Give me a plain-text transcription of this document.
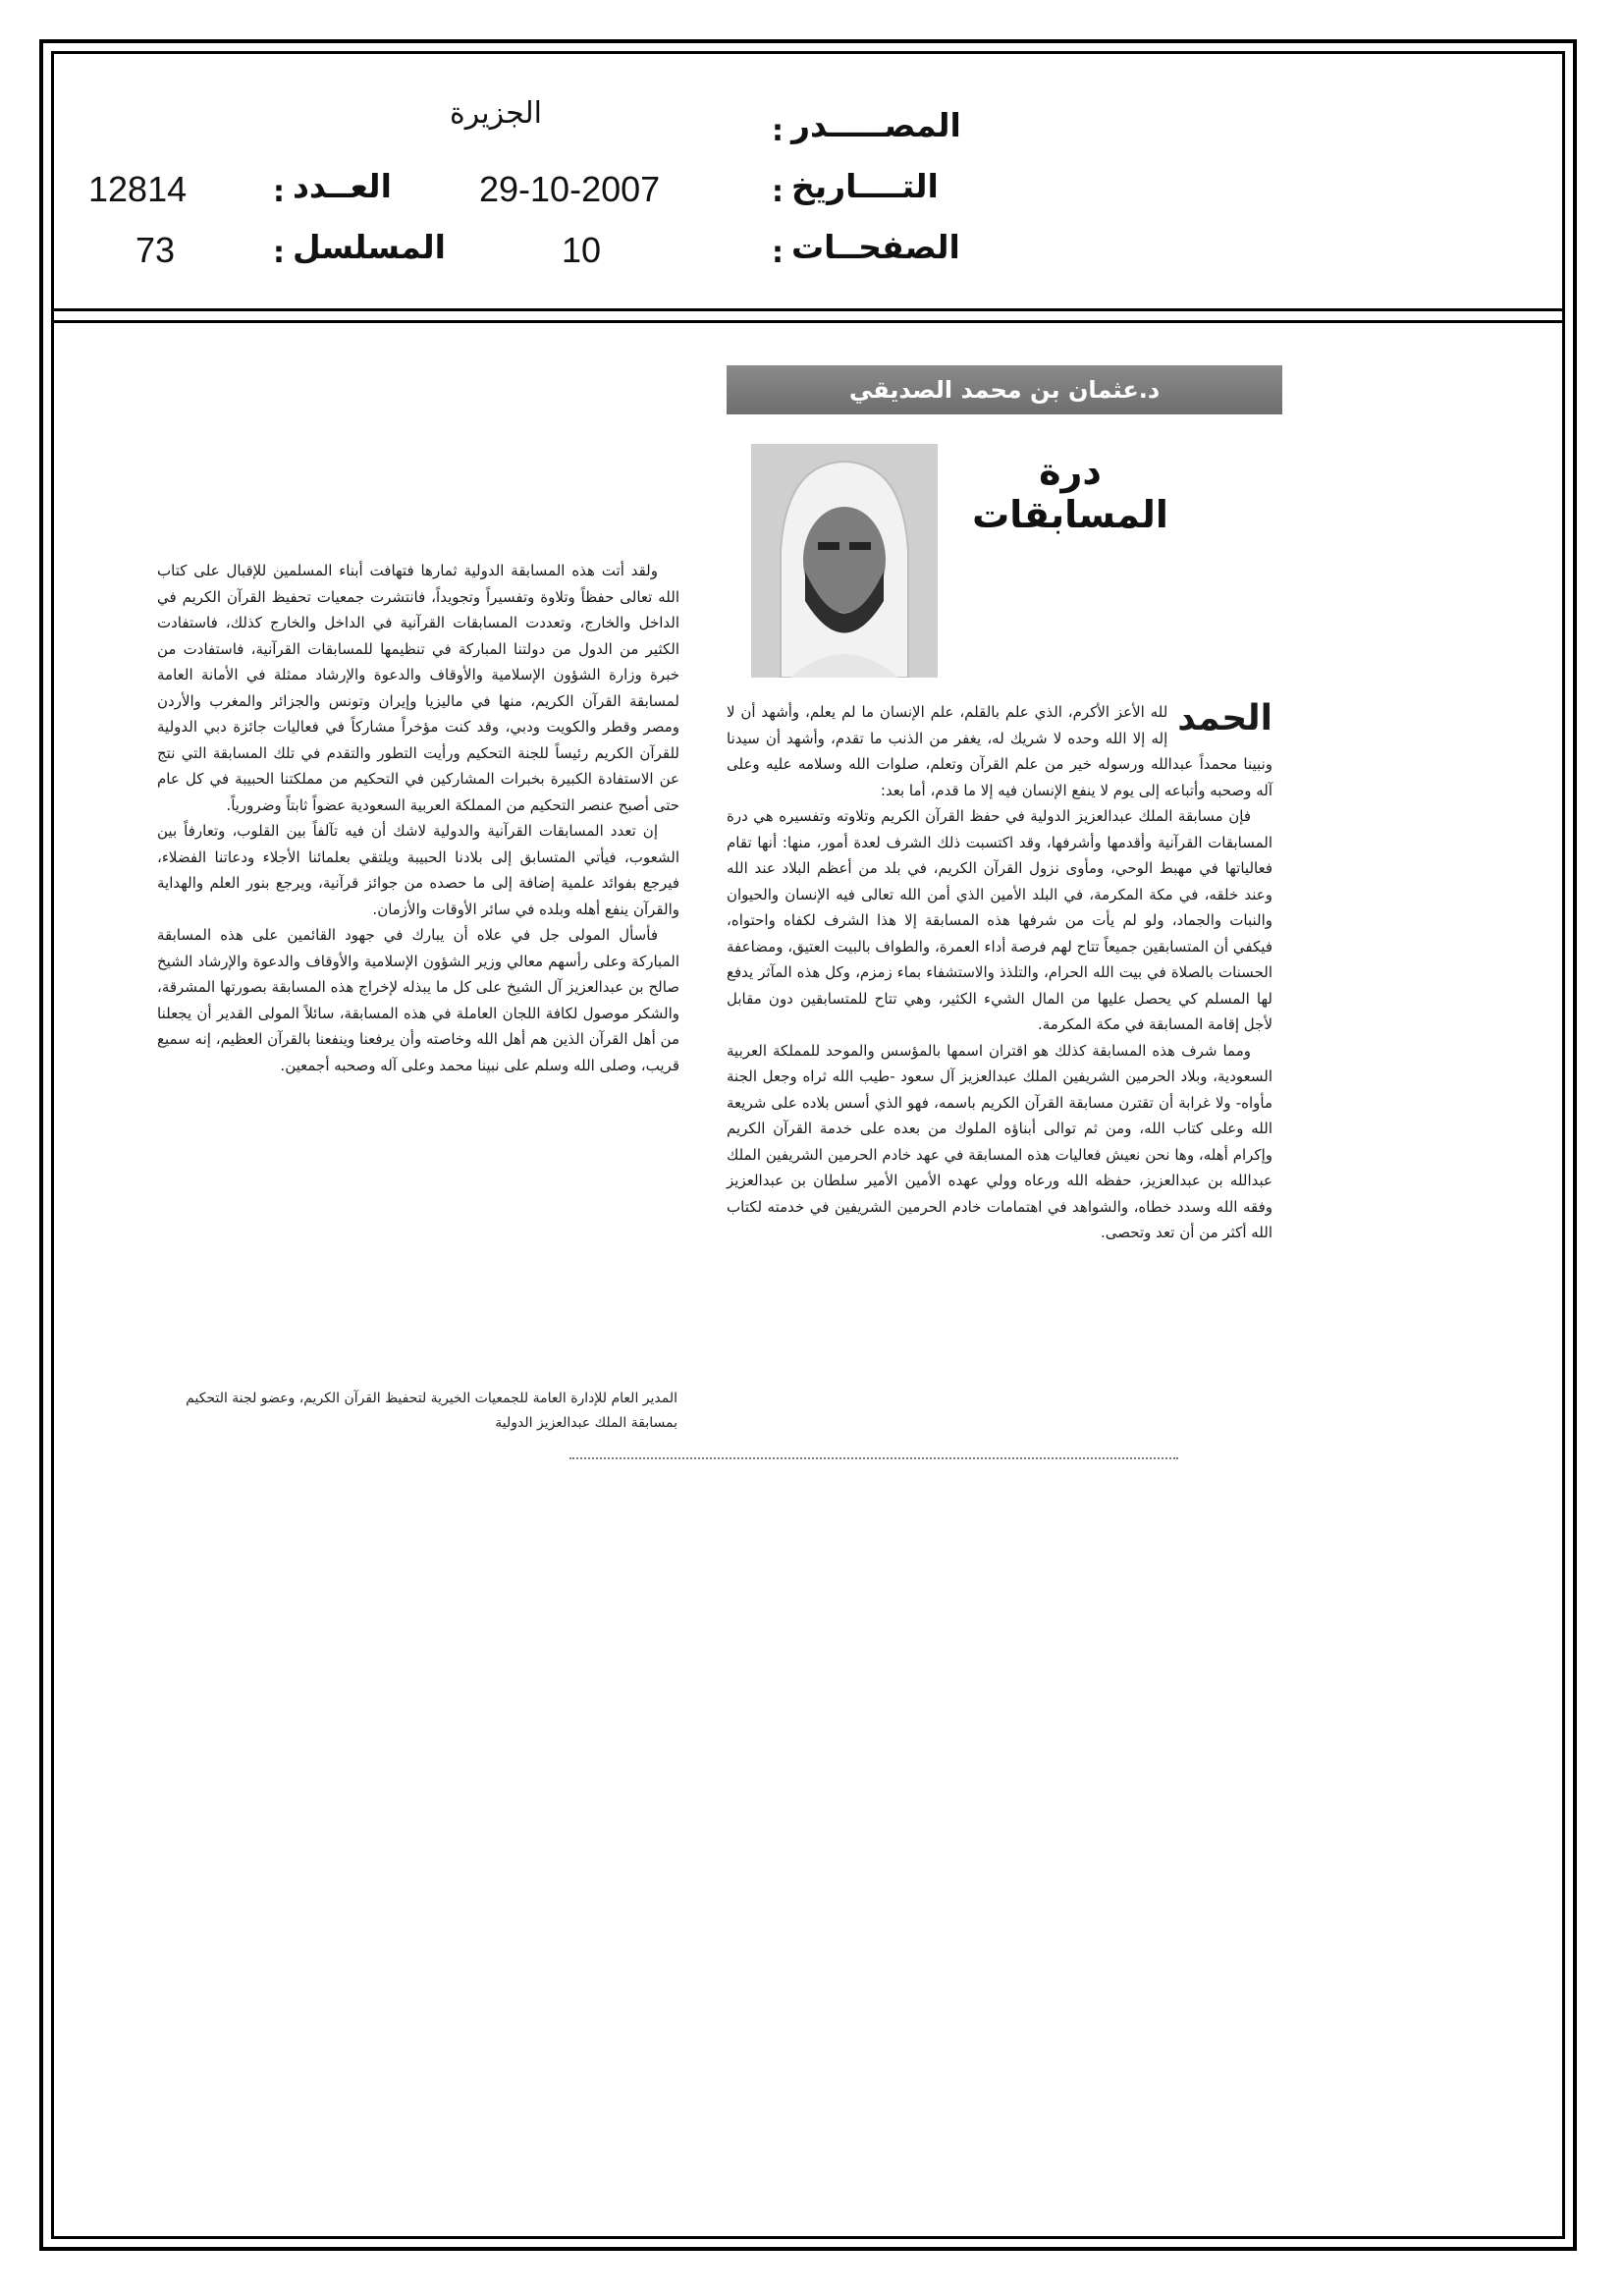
الجزيرة
: المصـــــدر
12814	: العــدد 29-10-2007	: التــــاريخ
73	: المسلسل	10	: الصفحــات
د.عثمان بن محمد الصديقي
درة المسابقات

الحمد
لله الأعز الأكرم، الذي علم بالقلم، علم الإنسان ما لم يعلم، وأشهد أن لا إله إلا الله وحده لا شريك له، يغفر من الذنب ما تقدم، وأشهد أن سيدنا ونبينا محمداً عبدالله ورسوله خير من علم القرآن وتعلم، صلوات الله وسلامه عليه وعلى آله وصحبه وأتباعه إلى يوم لا ينفع الإنسان فيه إلا ما قدم، أما بعد:

فإن مسابقة الملك عبدالعزيز الدولية في حفظ القرآن الكريم وتلاوته وتفسيره هي درة المسابقات القرآنية وأقدمها وأشرفها، وقد اكتسبت ذلك الشرف لعدة أمور، منها: أنها تقام فعالياتها في مهبط الوحي، ومأوى نزول القرآن الكريم، في بلد من أعظم البلاد عند الله وعند خلقه، في مكة المكرمة، في البلد الأمين الذي أمن الله تعالى فيه الإنسان والحيوان والنبات والجماد، ولو لم يأت من شرفها هذه المسابقة إلا هذا الشرف لكفاه واحتواه، فيكفي أن المتسابقين جميعاً تتاح لهم فرصة أداء العمرة، والطواف بالبيت العتيق، ومضاعفة الحسنات بالصلاة في بيت الله الحرام، والتلذذ والاستشفاء بماء زمزم، وكل هذه المآثر يدفع لها المسلم كي يحصل عليها من المال الشيء الكثير، وهي تتاح للمتسابقين دون مقابل لأجل إقامة المسابقة في مكة المكرمة.

ومما شرف هذه المسابقة كذلك هو اقتران اسمها بالمؤسس والموحد للمملكة العربية السعودية، وبلاد الحرمين الشريفين الملك عبدالعزيز آل سعود -طيب الله ثراه وجعل الجنة مأواه- ولا غرابة أن تقترن مسابقة القرآن الكريم باسمه، فهو الذي أسس بلاده على شريعة الله وعلى كتاب الله، ومن ثم توالى أبناؤه الملوك من بعده على خدمة القرآن الكريم وإكرام أهله، وها نحن نعيش فعاليات هذه المسابقة في عهد خادم الحرمين الشريفين الملك عبدالله بن عبدالعزيز، حفظه الله ورعاه وولي عهده الأمين الأمير سلطان بن عبدالعزيز وفقه الله وسدد خطاه، والشواهد في اهتمامات خادم الحرمين الشريفين في خدمته لكتاب الله أكثر من أن تعد وتحصى.

ولقد أتت هذه المسابقة الدولية ثمارها فتهافت أبناء المسلمين للإقبال على كتاب الله تعالى حفظاً وتلاوة وتفسيراً وتجويداً، فانتشرت جمعيات تحفيظ القرآن الكريم في الداخل والخارج، وتعددت المسابقات القرآنية في الداخل والخارج كذلك، فاستفادت الكثير من الدول من دولتنا المباركة في تنظيمها للمسابقات القرآنية، فاستفادت من خبرة وزارة الشؤون الإسلامية والأوقاف والدعوة والإرشاد ممثلة في الأمانة العامة لمسابقة القرآن الكريم، منها في ماليزيا وإيران وتونس والجزائر والمغرب والأردن ومصر وقطر والكويت ودبي، وقد كنت مؤخراً مشاركاً في فعاليات جائزة دبي الدولية للقرآن الكريم رئيساً للجنة التحكيم ورأيت التطور والتقدم في تلك المسابقة التي نتج عن الاستفادة الكبيرة بخبرات المشاركين في التحكيم من مملكتنا الحبيبة في كل عام حتى أصبح عنصر التحكيم من المملكة العربية السعودية عضواً ثابتاً وضرورياً.

إن تعدد المسابقات القرآنية والدولية لاشك أن فيه تآلفاً بين القلوب، وتعارفاً بين الشعوب، فيأتي المتسابق إلى بلادنا الحبيبة ويلتقي بعلمائنا الأجلاء ودعاتنا الفضلاء، فيرجع بفوائد علمية إضافة إلى ما حصده من جوائز قرآنية، ويرجع بنور العلم والهداية والقرآن ينفع أهله وبلده في سائر الأوقات والأزمان.

فأسأل المولى جل في علاه أن يبارك في جهود القائمين على هذه المسابقة المباركة وعلى رأسهم معالي وزير الشؤون الإسلامية والأوقاف والدعوة والإرشاد الشيخ صالح بن عبدالعزيز آل الشيخ على كل ما يبذله لإخراج هذه المسابقة بصورتها المشرقة، والشكر موصول لكافة اللجان العاملة في هذه المسابقة، سائلاً المولى القدير أن يجعلنا من أهل القرآن الذين هم أهل الله وخاصته وأن يرفعنا وينفعنا بالقرآن العظيم، إنه سميع قريب، وصلى الله وسلم على نبينا محمد وعلى آله وصحبه أجمعين.

المدير العام للإدارة العامة للجمعيات الخيرية لتحفيظ القرآن الكريم، وعضو لجنة التحكيم بمسابقة الملك عبدالعزيز الدولية
